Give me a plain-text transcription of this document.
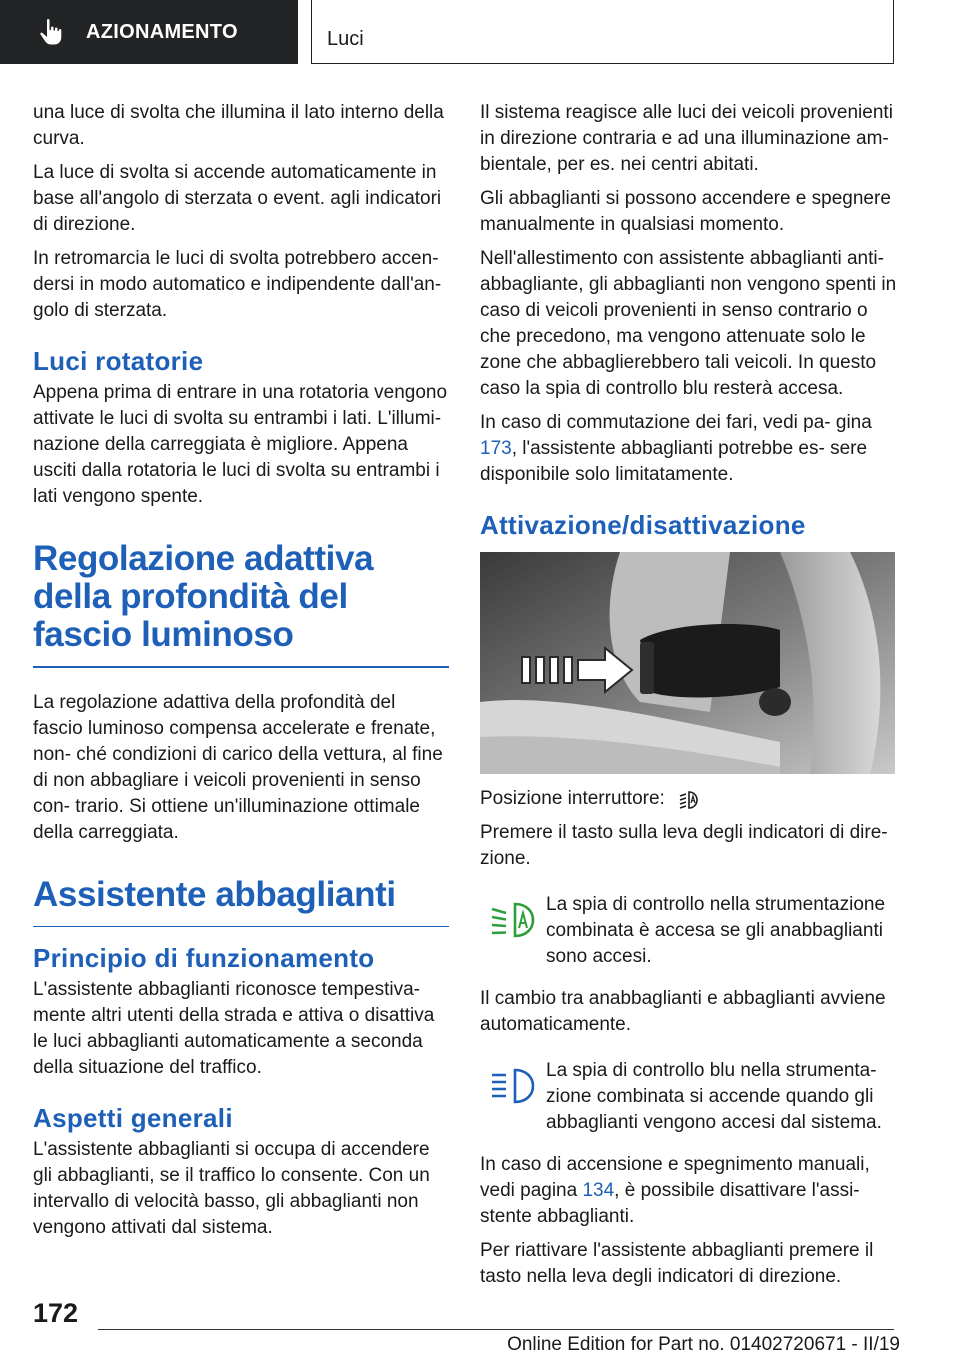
AZIONAMENTO	Luci

una luce di svolta che illumina il lato interno della curva.

La luce di svolta si accende automaticamente in base all'angolo di sterzata o event. agli indicatori di direzione.

In retromarcia le luci di svolta potrebbero accen‐ dersi in modo automatico e indipendente dall'an‐ golo di sterzata.

Luci rotatorie

Appena prima di entrare in una rotatoria vengono attivate le luci di svolta su entrambi i lati. L'illumi‐ nazione della carreggiata è migliore. Appena usciti dalla rotatoria le luci di svolta su entrambi i lati vengono spente.

Regolazione adattiva della profondità del fascio luminoso

La regolazione adattiva della profondità del fascio luminoso compensa accelerate e frenate, non‐ ché condizioni di carico della vettura, al fine di non abbagliare i veicoli provenienti in senso con‐ trario. Si ottiene un'illuminazione ottimale della carreggiata.

Assistente abbaglianti
Principio di funzionamento

L'assistente abbaglianti riconosce tempestiva‐ mente altri utenti della strada e attiva o disattiva le luci abbaglianti automaticamente a seconda della situazione del traffico.

Aspetti generali

L'assistente abbaglianti si occupa di accendere gli abbaglianti, se il traffico lo consente. Con un intervallo di velocità basso, gli abbaglianti non vengono attivati dal sistema.

Il sistema reagisce alle luci dei veicoli provenienti in direzione contraria e ad una illuminazione am‐ bientale, per es. nei centri abitati.

Gli abbaglianti si possono accendere e spegnere manualmente in qualsiasi momento.

Nell'allestimento con assistente abbaglianti anti‐ abbagliante, gli abbaglianti non vengono spenti in caso di veicoli provenienti in senso contrario o che precedono, ma vengono attenuate solo le zone che abbaglierebbero tali veicoli. In questo caso la spia di controllo blu resterà accesa.

In caso di commutazione dei fari, vedi pa‐ gina 173, l'assistente abbaglianti potrebbe es‐ sere disponibile solo limitatamente.

Attivazione/disattivazione

Posizione interruttore:

Premere il tasto sulla leva degli indicatori di dire‐ zione.

La spia di controllo nella strumentazione combinata è accesa se gli anabbaglianti sono accesi.

Il cambio tra anabbaglianti e abbaglianti avviene automaticamente.

La spia di controllo blu nella strumenta‐ zione combinata si accende quando gli abbaglianti vengono accesi dal sistema.

In caso di accensione e spegnimento manuali, vedi pagina 134, è possibile disattivare l'assi‐ stente abbaglianti.

Per riattivare l'assistente abbaglianti premere il tasto nella leva degli indicatori di direzione.

172
Online Edition for Part no. 01402720671 - II/19
